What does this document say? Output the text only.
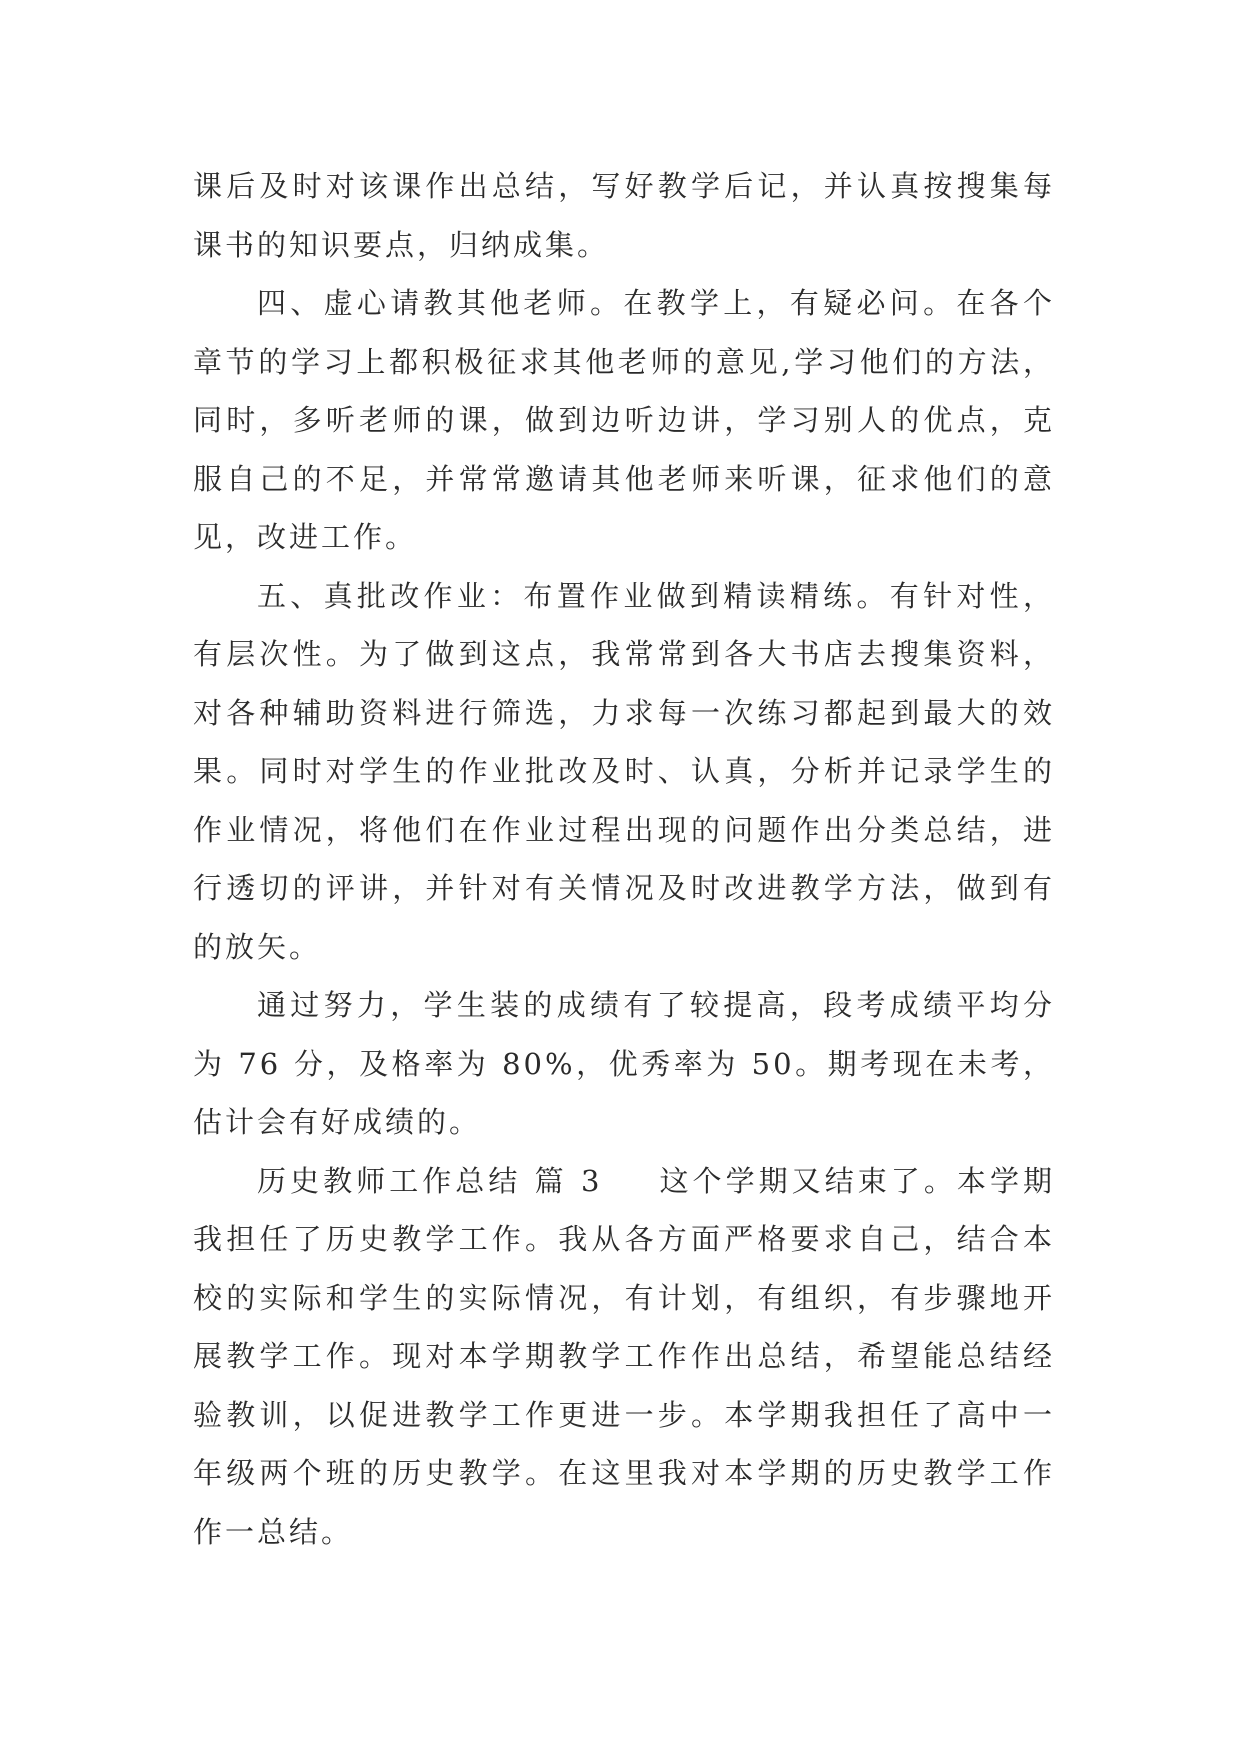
课后及时对该课作出总结，写好教学后记，并认真按搜集每课书的知识要点，归纳成集。

四、虚心请教其他老师。在教学上，有疑必问。在各个章节的学习上都积极征求其他老师的意见,学习他们的方法，同时，多听老师的课，做到边听边讲，学习别人的优点，克服自己的不足，并常常邀请其他老师来听课，征求他们的意见，改进工作。

五、真批改作业：布置作业做到精读精练。有针对性，有层次性。为了做到这点，我常常到各大书店去搜集资料，对各种辅助资料进行筛选，力求每一次练习都起到最大的效果。同时对学生的作业批改及时、认真，分析并记录学生的作业情况，将他们在作业过程出现的问题作出分类总结，进行透切的评讲，并针对有关情况及时改进教学方法，做到有的放矢。

通过努力，学生装的成绩有了较提高，段考成绩平均分为 76 分，及格率为 80%，优秀率为 50。期考现在未考，估计会有好成绩的。

历史教师工作总结 篇 3 这个学期又结束了。本学期我担任了历史教学工作。我从各方面严格要求自己，结合本校的实际和学生的实际情况，有计划，有组织，有步骤地开展教学工作。现对本学期教学工作作出总结，希望能总结经验教训，以促进教学工作更进一步。本学期我担任了高中一年级两个班的历史教学。在这里我对本学期的历史教学工作作一总结。
